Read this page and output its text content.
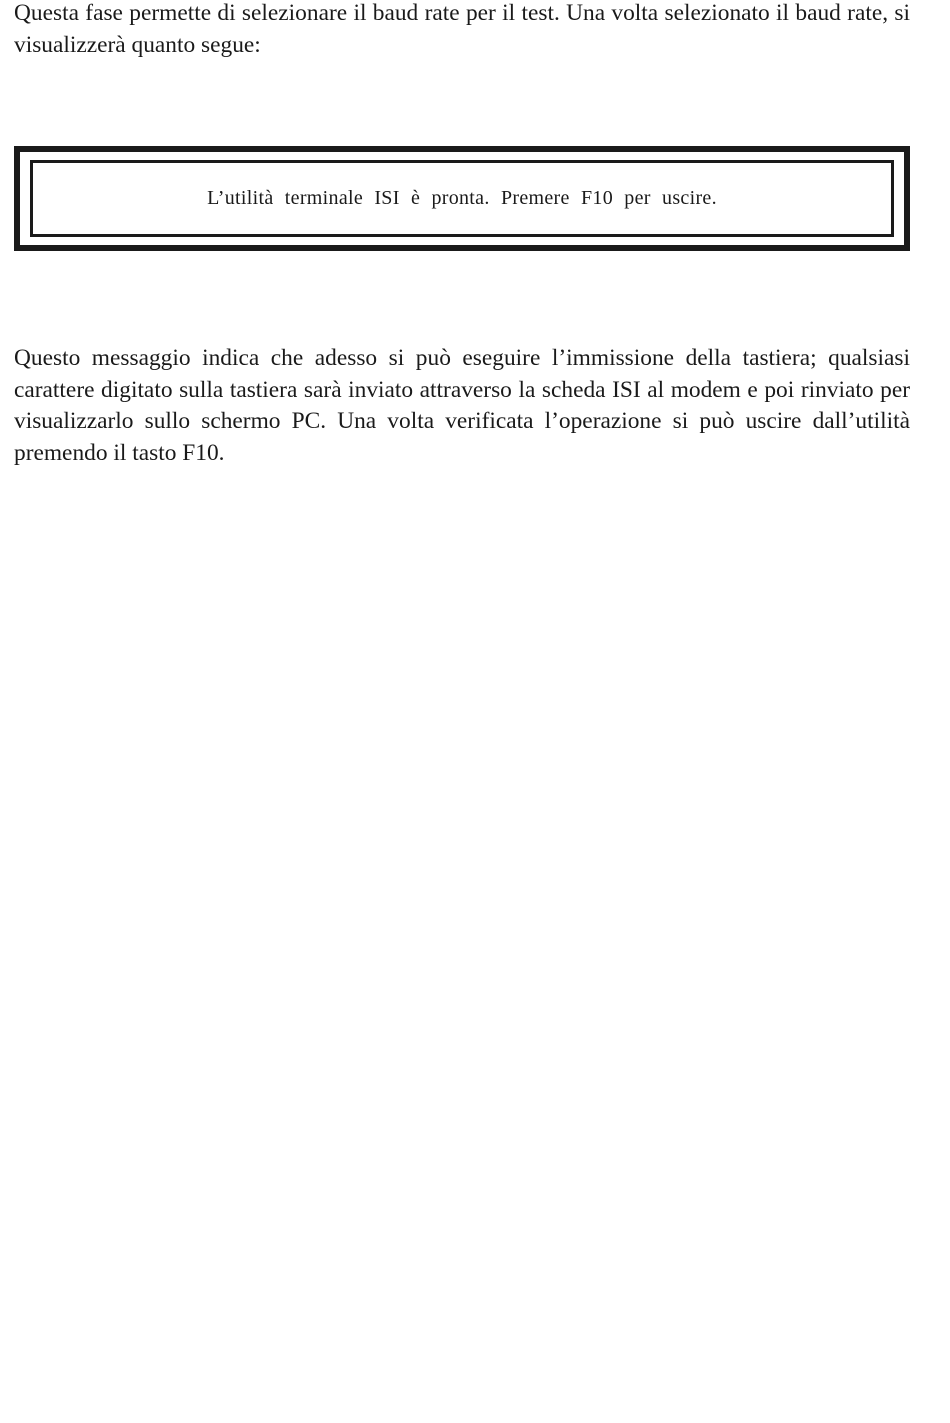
Questa fase permette di selezionare il baud rate per il test. Una volta selezionato il baud rate, si visualizzerà quanto segue:

L’utilità terminale ISI è pronta. Premere F10 per uscire.

Questo messaggio indica che adesso si può eseguire l’immissione della tastiera; qualsiasi carattere digitato sulla tastiera sarà inviato attraverso la scheda ISI al modem e poi rinviato per visualizzarlo sullo schermo PC. Una volta verificata l’operazione si può uscire dall’utilità premendo il tasto F10.
